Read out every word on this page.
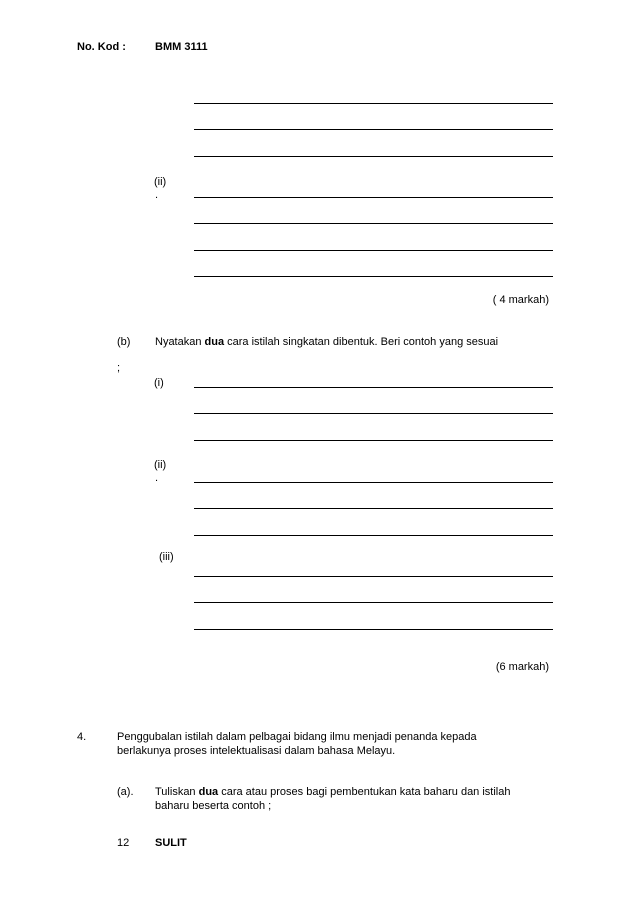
No. Kod :	BMM 3111
(ii)
.
( 4 markah)
(b) Nyatakan dua cara istilah singkatan dibentuk. Beri contoh yang sesuai
;
(i)
(ii)
.
(iii)
(6 markah)
4.	Penggubalan istilah dalam pelbagai bidang ilmu menjadi penanda kepada
berlakunya proses intelektualisasi dalam bahasa Melayu.
(a). Tuliskan dua cara atau proses bagi pembentukan kata baharu dan istilah
baharu beserta contoh ;
12 SULIT
